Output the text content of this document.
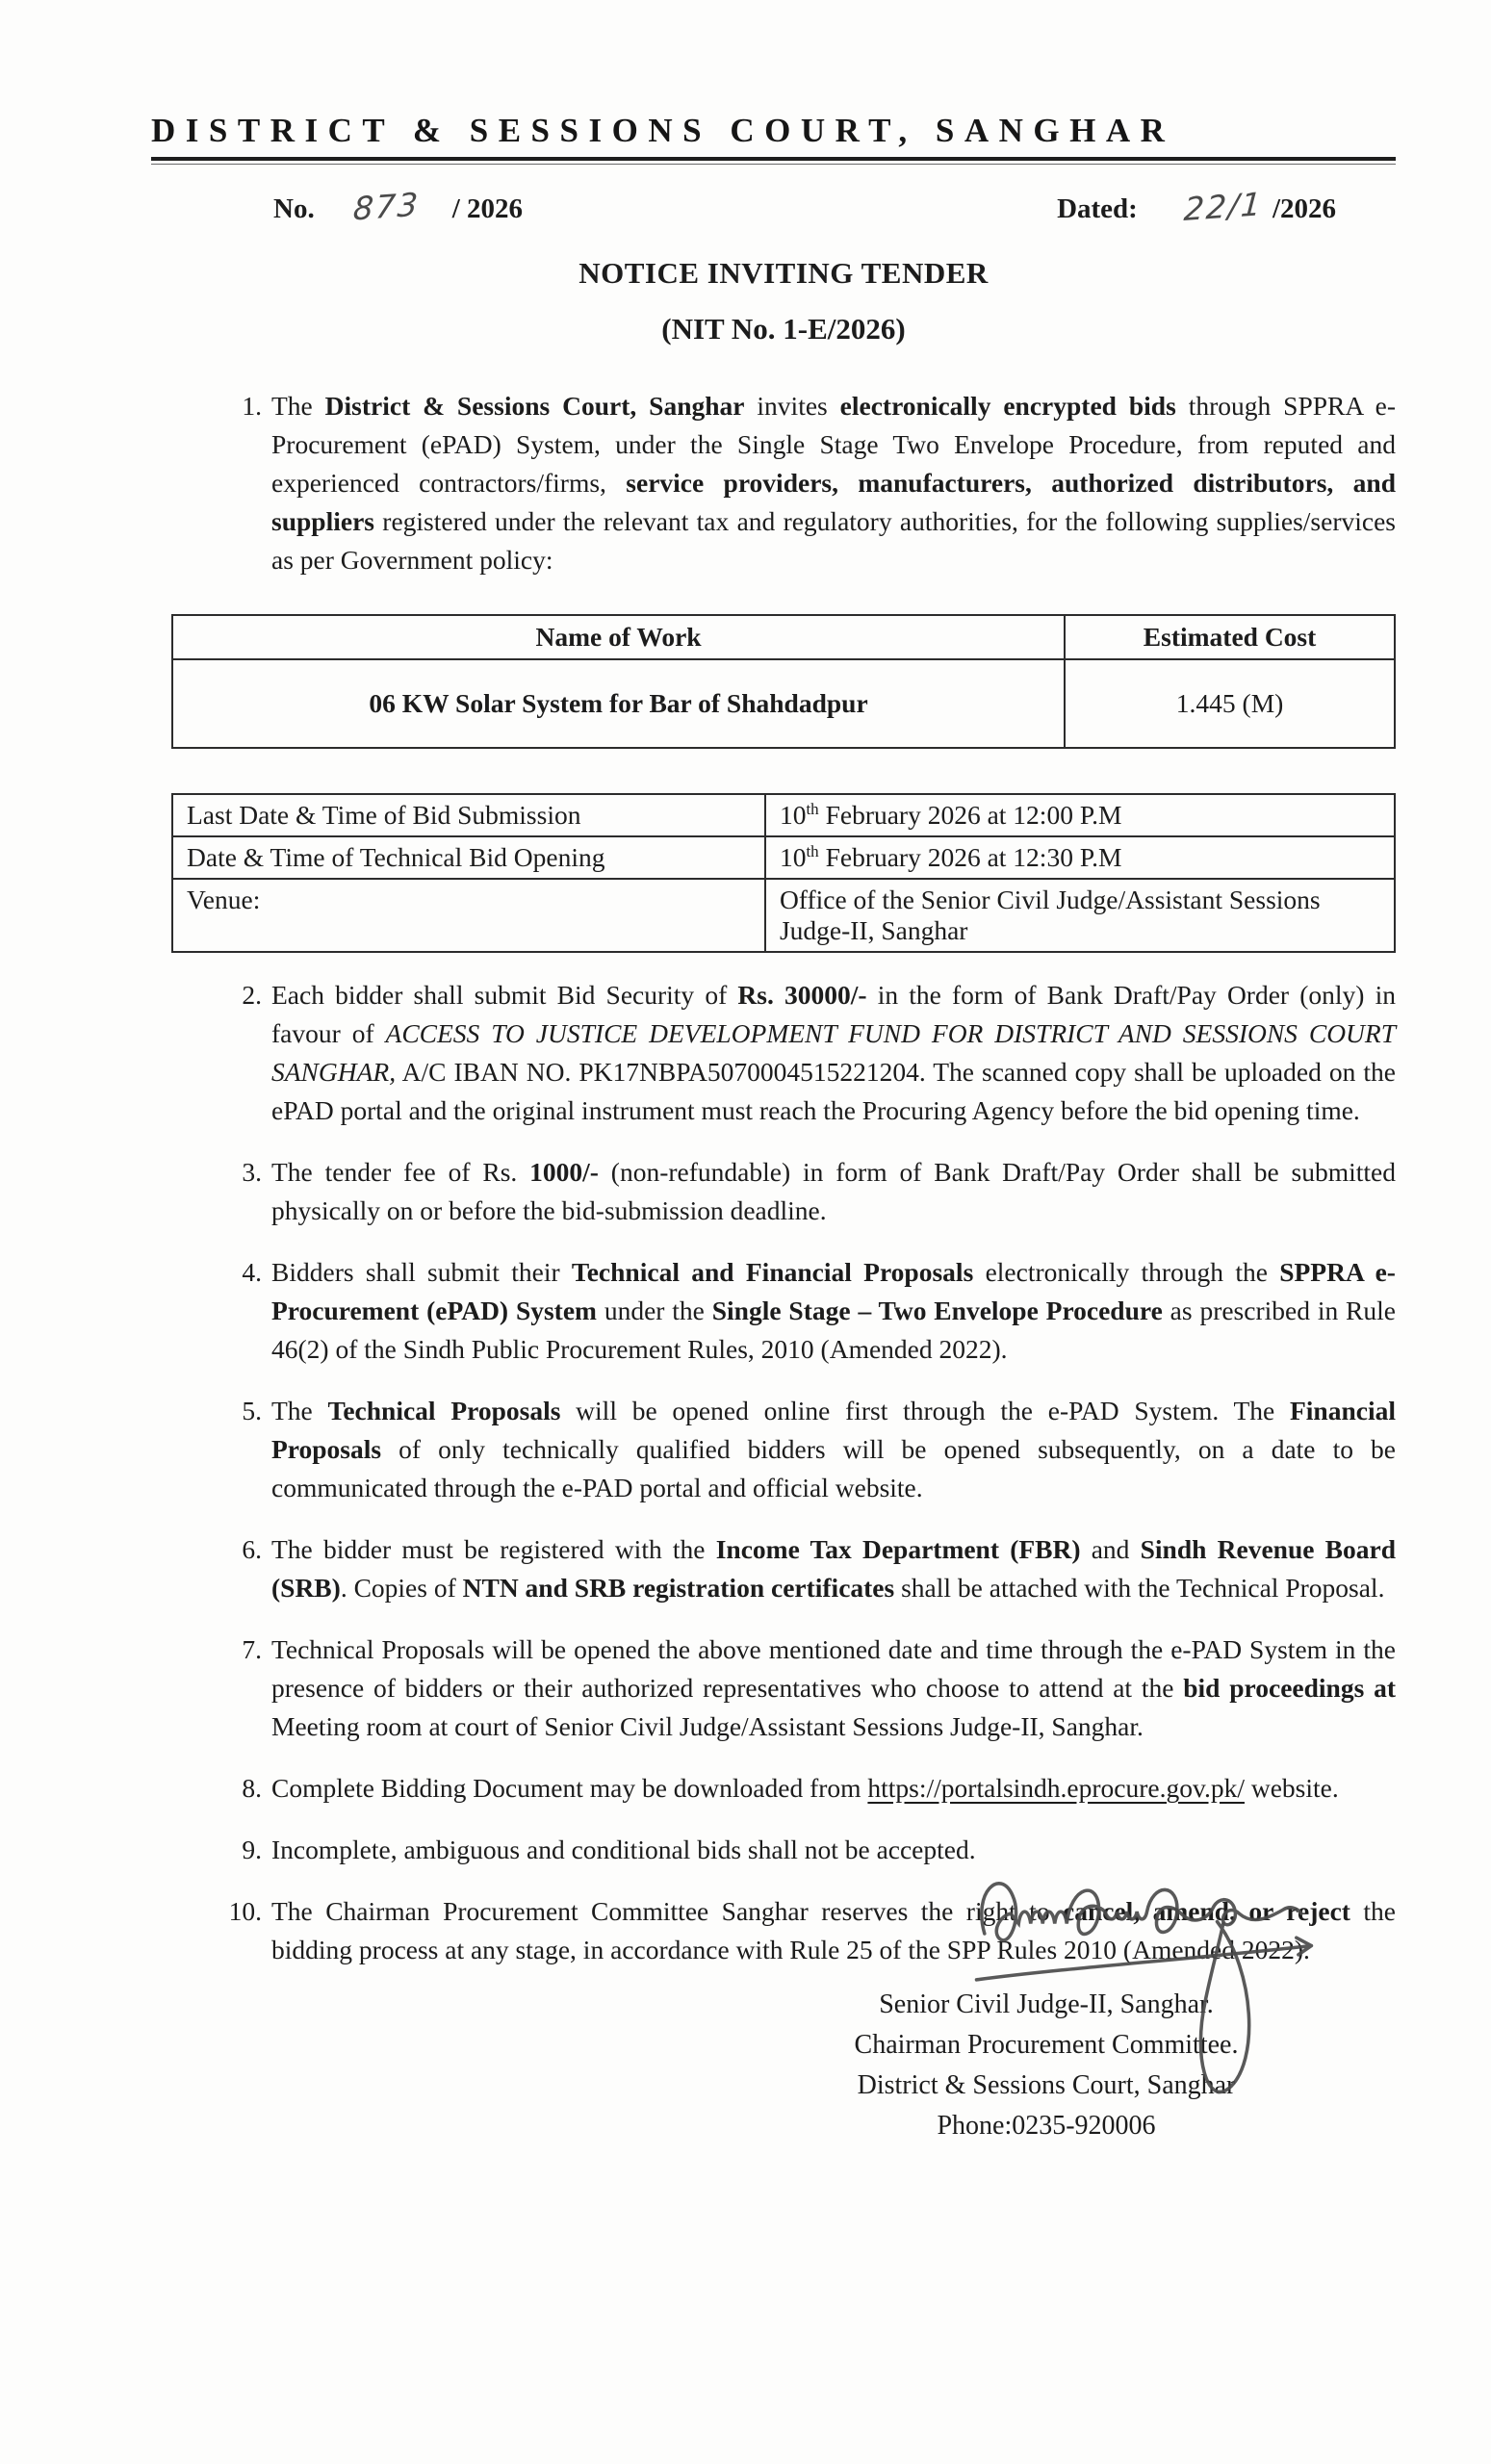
DISTRICT & SESSIONS COURT, SANGHAR
No. 873 / 2026	Dated: 22/1 /2026
NOTICE INVITING TENDER
(NIT No. 1-E/2026)
1. The District & Sessions Court, Sanghar invites electronically encrypted bids through SPPRA e-Procurement (ePAD) System, under the Single Stage Two Envelope Procedure, from reputed and experienced contractors/firms, service providers, manufacturers, authorized distributors, and suppliers registered under the relevant tax and regulatory authorities, for the following supplies/services as per Government policy:
Name of Work	Estimated Cost
06 KW Solar System for Bar of Shahdadpur	1.445 (M)
Last Date & Time of Bid Submission	10th February 2026 at 12:00 P.M
Date & Time of Technical Bid Opening	10th February 2026 at 12:30 P.M
Venue:	Office of the Senior Civil Judge/Assistant Sessions Judge-II, Sanghar
2. Each bidder shall submit Bid Security of Rs. 30000/- in the form of Bank Draft/Pay Order (only) in favour of ACCESS TO JUSTICE DEVELOPMENT FUND FOR DISTRICT AND SESSIONS COURT SANGHAR, A/C IBAN NO. PK17NBPA5070004515221204. The scanned copy shall be uploaded on the ePAD portal and the original instrument must reach the Procuring Agency before the bid opening time.
3. The tender fee of Rs. 1000/- (non-refundable) in form of Bank Draft/Pay Order shall be submitted physically on or before the bid-submission deadline.
4. Bidders shall submit their Technical and Financial Proposals electronically through the SPPRA e-Procurement (ePAD) System under the Single Stage – Two Envelope Procedure as prescribed in Rule 46(2) of the Sindh Public Procurement Rules, 2010 (Amended 2022).
5. The Technical Proposals will be opened online first through the e-PAD System. The Financial Proposals of only technically qualified bidders will be opened subsequently, on a date to be communicated through the e-PAD portal and official website.
6. The bidder must be registered with the Income Tax Department (FBR) and Sindh Revenue Board (SRB). Copies of NTN and SRB registration certificates shall be attached with the Technical Proposal.
7. Technical Proposals will be opened the above mentioned date and time through the e-PAD System in the presence of bidders or their authorized representatives who choose to attend at the bid proceedings at Meeting room at court of Senior Civil Judge/Assistant Sessions Judge-II, Sanghar.
8. Complete Bidding Document may be downloaded from https://portalsindh.eprocure.gov.pk/ website.
9. Incomplete, ambiguous and conditional bids shall not be accepted.
10. The Chairman Procurement Committee Sanghar reserves the right to cancel, amend, or reject the bidding process at any stage, in accordance with Rule 25 of the SPP Rules 2010 (Amended 2022).
Senior Civil Judge-II, Sanghar.
Chairman Procurement Committee.
District & Sessions Court, Sanghar
Phone:0235-920006
